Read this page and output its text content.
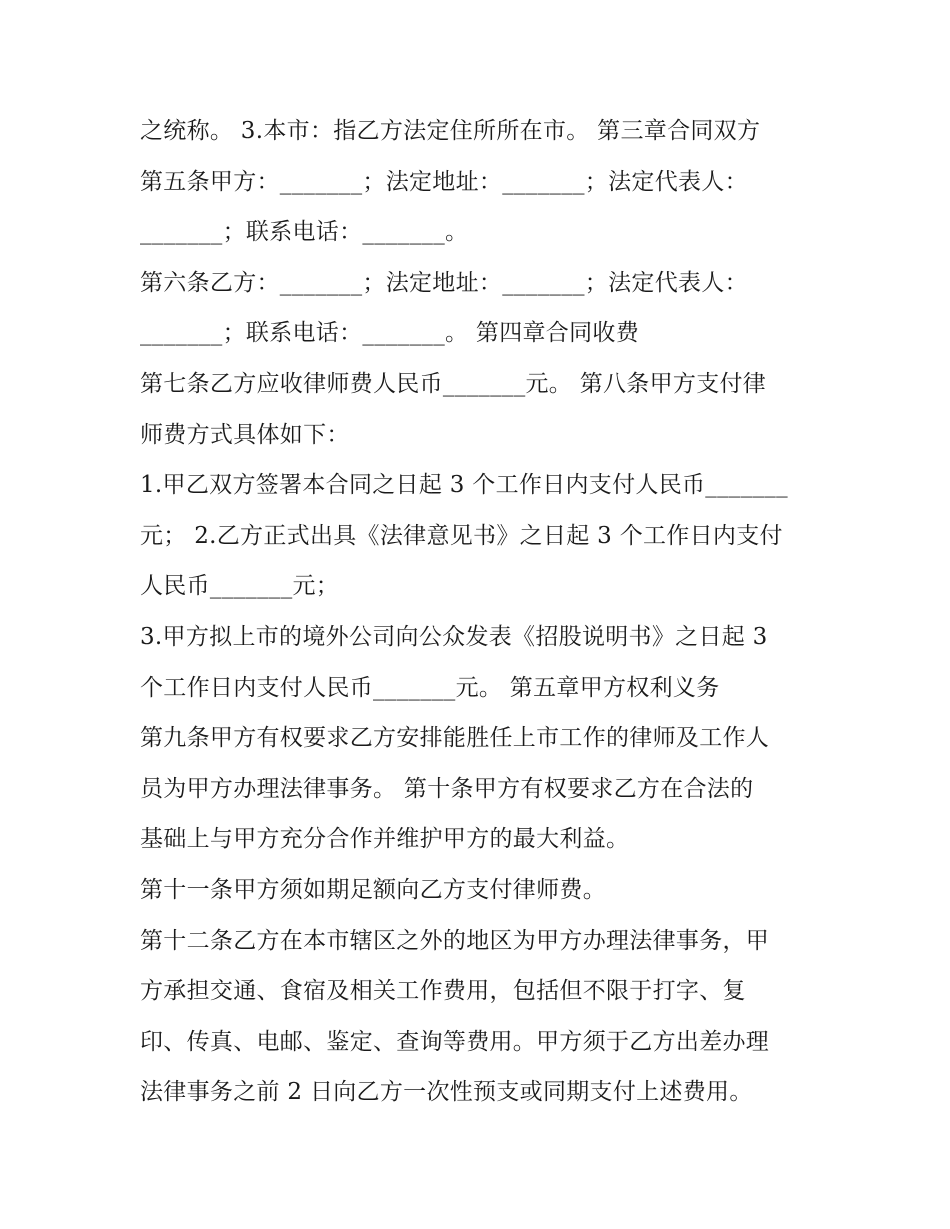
之统称。 3.本市：指乙方法定住所所在市。 第三章合同双方
第五条甲方：_______；法定地址：_______；法定代表人：
_______；联系电话：_______。
第六条乙方：_______；法定地址：_______；法定代表人：
_______；联系电话：_______。 第四章合同收费
第七条乙方应收律师费人民币_______元。 第八条甲方支付律
师费方式具体如下：
1.甲乙双方签署本合同之日起 3 个工作日内支付人民币_______
元； 2.乙方正式出具《法律意见书》之日起 3 个工作日内支付
人民币_______元；
3.甲方拟上市的境外公司向公众发表《招股说明书》之日起 3
个工作日内支付人民币_______元。 第五章甲方权利义务
第九条甲方有权要求乙方安排能胜任上市工作的律师及工作人
员为甲方办理法律事务。 第十条甲方有权要求乙方在合法的
基础上与甲方充分合作并维护甲方的最大利益。
第十一条甲方须如期足额向乙方支付律师费。
第十二条乙方在本市辖区之外的地区为甲方办理法律事务，甲
方承担交通、食宿及相关工作费用，包括但不限于打字、复
印、传真、电邮、鉴定、查询等费用。甲方须于乙方出差办理
法律事务之前 2 日向乙方一次性预支或同期支付上述费用。
